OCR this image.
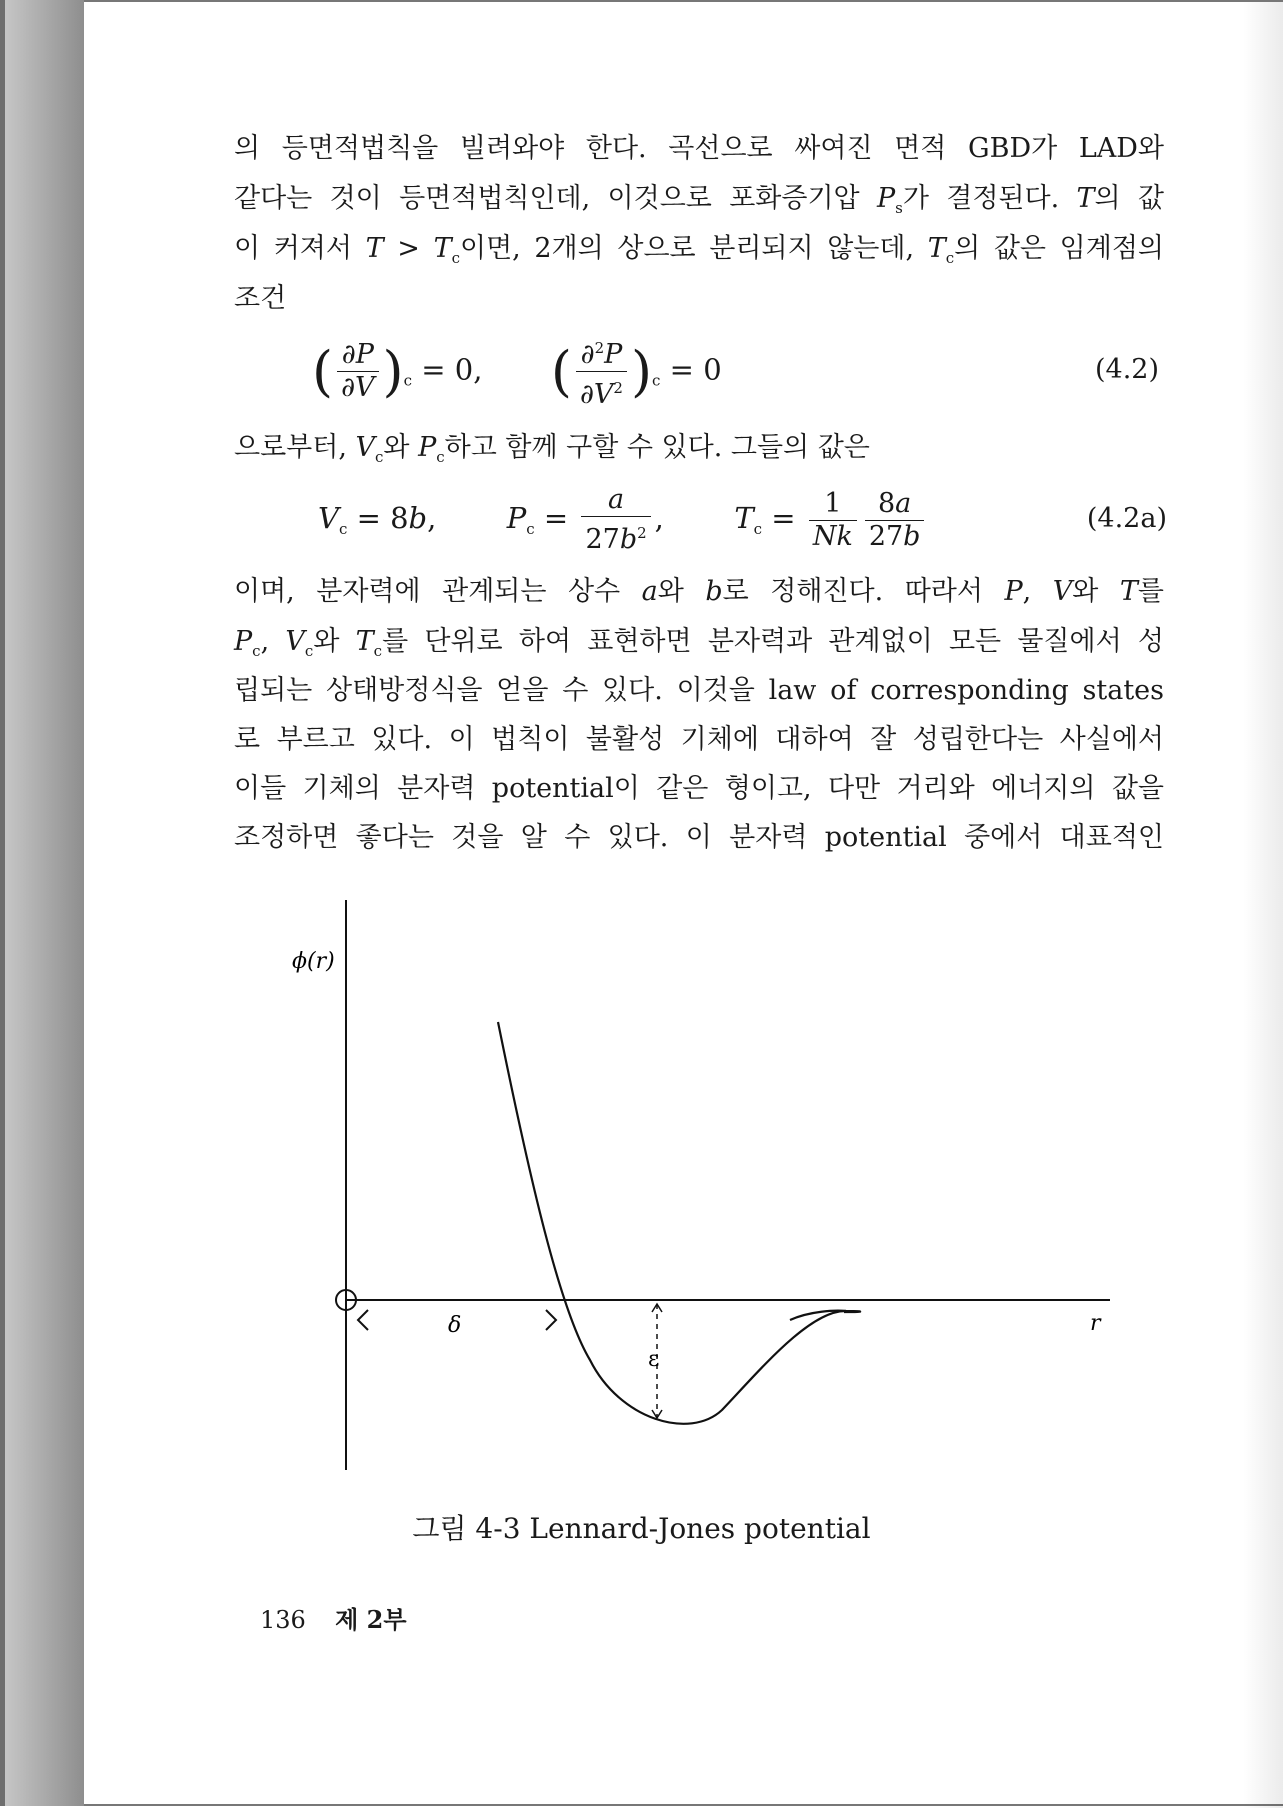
의 등면적법칙을 빌려와야 한다. 곡선으로 싸여진 면적 GBD가 LAD와
같다는 것이 등면적법칙인데, 이것으로 포화증기압 $P_s$가 결정된다. T의 값
이 커져서 $T > T_c$이면, 2개의 상으로 분리되지 않는데, $T_c$의 값은 임계점의
조건
( $\frac{\partial P}{\partial V} )_c = 0$,  ( $\frac{\partial^2P}{\partial V^2} )_c = 0$	(4.2)
으로부터, $V_c$와 $P_c$하고 함께 구할 수 있다. 그들의 값은
$V_c = 8b$,  $P_c = \frac{a}{27b^2}$ ,  $T_c = \frac{1}{Nk} \frac{8a}{27b}$	(4.2a)
이며, 분자력에 관계되는 상수 a와 b로 정해진다. 따라서 P, V와 T를
$P_c$, $V_c$와 $T_c$를 단위로 하여 표현하면 분자력과 관계없이 모든 물질에서 성
립되는 상태방정식을 얻을 수 있다. 이것을 law of corresponding states
로 부르고 있다. 이 법칙이 불활성 기체에 대하여 잘 성립한다는 사실에서
이들 기체의 분자력 potential이 같은 형이고, 다만 거리와 에너지의 값을
조정하면 좋다는 것을 알 수 있다. 이 분자력 potential 중에서 대표적인
ϕ(r)
r
δ
ε
그림 4-3 Lennard-Jones potential
136 제 2부
